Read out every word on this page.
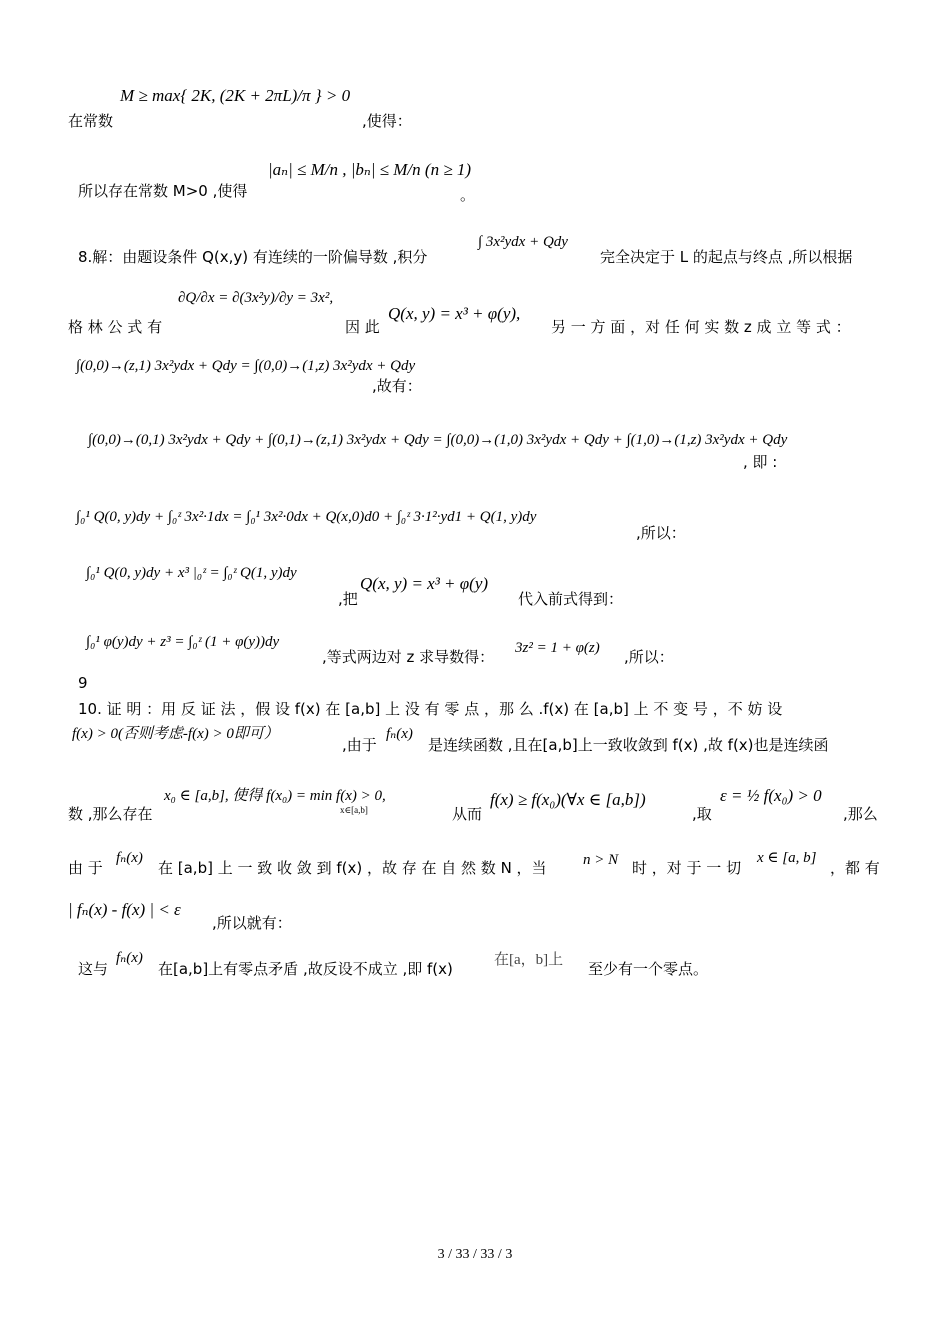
M ≥ max{ 2K, (2K + 2πL)/π } > 0
在常数	,使得：
所以存在常数 M>0 ,使得
|aₙ| ≤ M/n , |bₙ| ≤ M/n (n ≥ 1)
。
8.解：由题设条件 Q(x,y) 有连续的一阶偏导数 ,积分
∫ 3x²ydx + Qdy
完全决定于 L 的起点与终点 ,所以根据
∂Q/∂x = ∂(3x²y)/∂y = 3x²,
格 林 公 式 有	因 此
Q(x, y) = x³ + φ(y),
另 一 方 面 ，对 任 何 实 数 z 成 立 等 式 ：
∫(0,0)→(z,1) 3x²ydx + Qdy = ∫(0,0)→(1,z) 3x²ydx + Qdy
,故有：
∫(0,0)→(0,1) 3x²ydx + Qdy + ∫(0,1)→(z,1) 3x²ydx + Qdy = ∫(0,0)→(1,0) 3x²ydx + Qdy + ∫(1,0)→(1,z) 3x²ydx + Qdy
, 即 :
∫₀¹ Q(0, y)dy + ∫₀ᶻ 3x²·1dx = ∫₀¹ 3x²·0dx + Q(x,0)d0 + ∫₀ᶻ 3·1²·yd1 + Q(1, y)dy
,所以：
∫₀¹ Q(0, y)dy + x³ |₀ᶻ = ∫₀ᶻ Q(1, y)dy
,把
Q(x, y) = x³ + φ(y)
代入前式得到：
∫₀¹ φ(y)dy + z³ = ∫₀ᶻ (1 + φ(y))dy
,等式两边对 z 求导数得： 3z² = 1 + φ(z) ,所以：
9
10. 证 明 ：用 反 证 法 ，假 设 f(x) 在 [a,b] 上 没 有 零 点 ，那 么 .f(x) 在 [a,b] 上 不 变 号 ，不 妨 设
f(x) > 0(否则考虑-f(x) > 0即可）
,由于
fₙ(x)
是连续函数 ,且在[a,b]上一致收敛到 f(x) ,故 f(x)也是连续函
数 ,那么存在
x₀ ∈ [a,b], 使得 f(x₀) = min f(x) > 0,
x∈[a,b]	从而
f(x) ≥ f(x₀)(∀x ∈ [a,b])
,取
ε = ½ f(x₀) > 0
,那么
由 于
fₙ(x)
在 [a,b] 上 一 致 收 敛 到 f(x) ，故 存 在 自 然 数 N ，当 n > N 时 ，对 于 一 切
x ∈ [a, b]
，都 有
| fₙ(x) - f(x) | < ε
,所以就有：
这与
fₙ(x)
在[a,b]上有零点矛盾 ,故反设不成立 ,即 f(x)	在[a，b]上 至少有一个零点。
3 / 33 / 33 / 3
